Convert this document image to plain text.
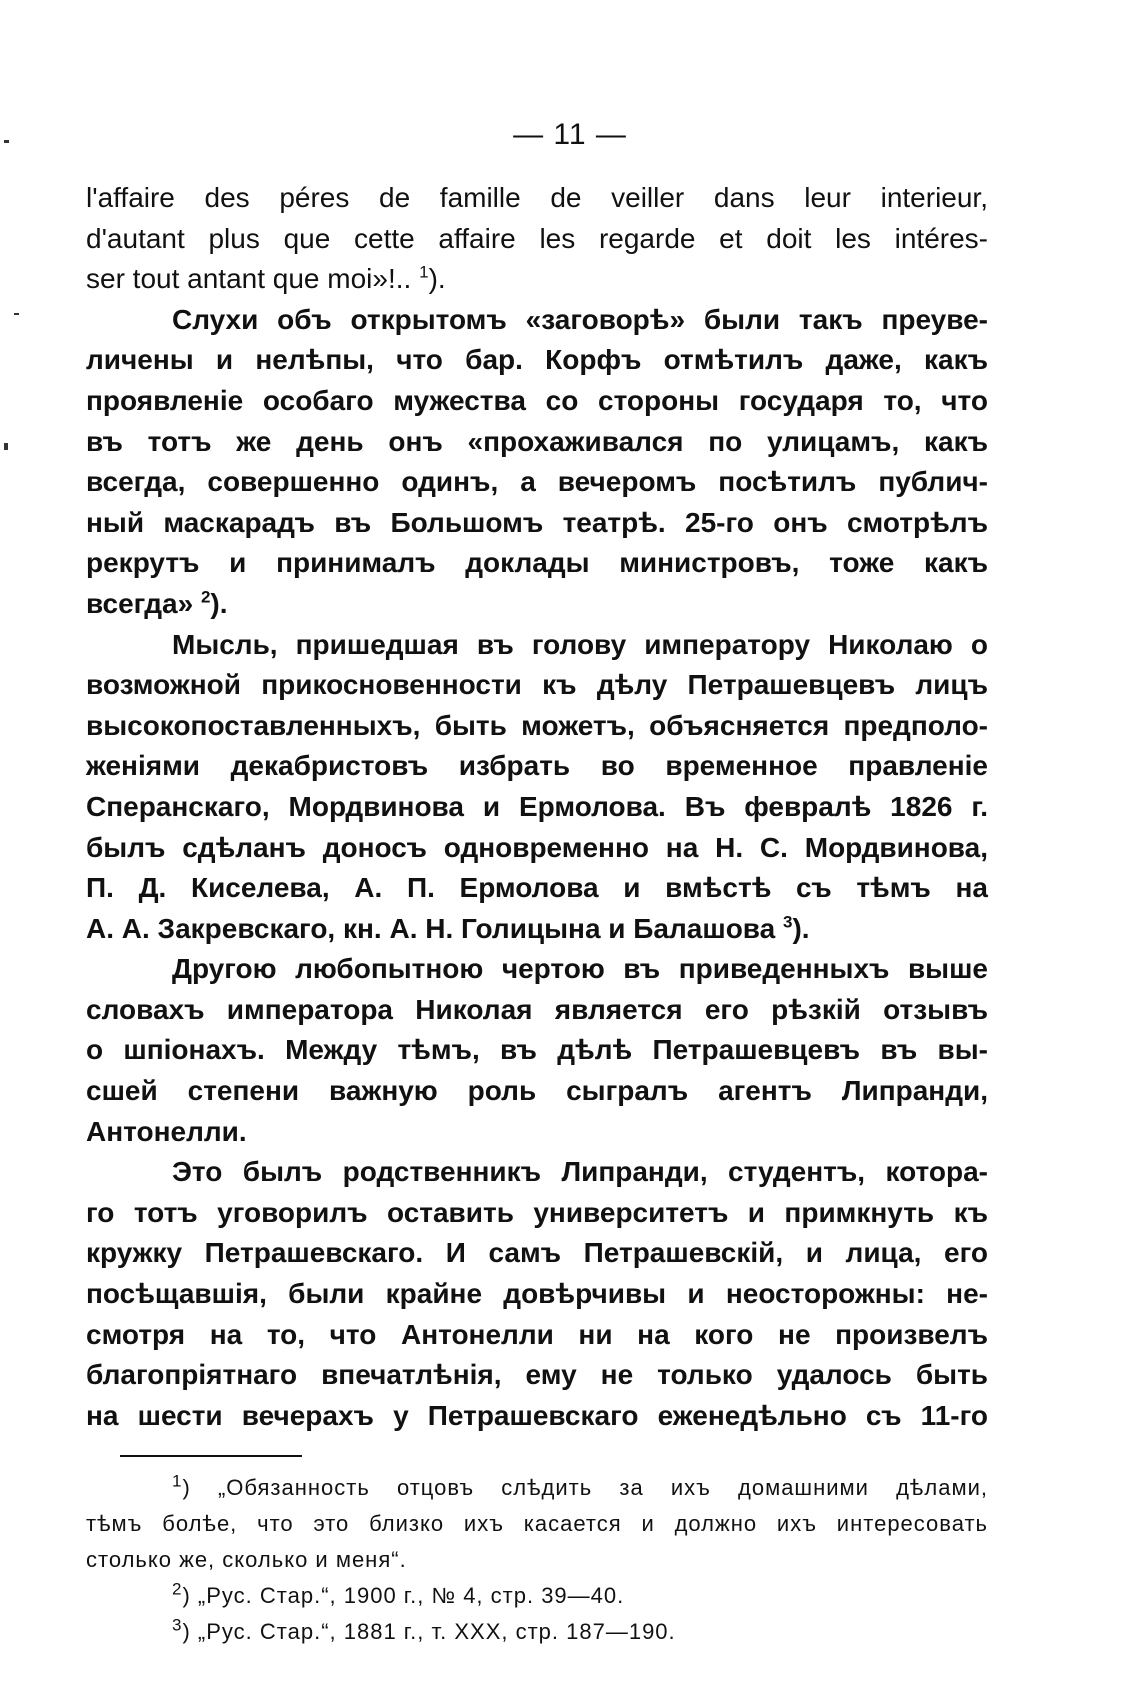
— 11 —

l'affaire des péres de famille de veiller dans leur interieur,
d'autant plus que cette affaire les regarde et doit les intéres-
ser tout antant que moi»!.. $^1$).

Слухи объ открытомъ «заговорѣ» были такъ преуве-
личены и нелѣпы, что бар. Корфъ отмѣтилъ даже, какъ
проявленіе особаго мужества со стороны государя то, что
въ тотъ же день онъ «прохаживался по улицамъ, какъ
всегда, совершенно одинъ, а вечеромъ посѣтилъ публич-
ный маскарадъ въ Большомъ театрѣ. 25-го онъ смотрѣлъ
рекрутъ и принималъ доклады министровъ, тоже какъ
всегда» $^2$).

Мысль, пришедшая въ голову императору Николаю о
возможной прикосновенности къ дѣлу Петрашевцевъ лицъ
высокопоставленныхъ, быть можетъ, объясняется предполо-
женіями декабристовъ избрать во временное правленіе
Сперанскаго, Мордвинова и Ермолова. Въ февралѣ 1826 г.
былъ сдѣланъ доносъ одновременно на Н. С. Мордвинова,
П. Д. Киселева, А. П. Ермолова и вмѣстѣ съ тѣмъ на
А. А. Закревскаго, кн. А. Н. Голицына и Балашова $^3$).

Другою любопытною чертою въ приведенныхъ выше
словахъ императора Николая является его рѣзкій отзывъ
о шпіонахъ. Между тѣмъ, въ дѣлѣ Петрашевцевъ въ вы-
сшей степени важную роль сыгралъ агентъ Липранди,
Антонелли.

Это былъ родственникъ Липранди, студентъ, котора-
го тотъ уговорилъ оставить университетъ и примкнуть къ
кружку Петрашевскаго. И самъ Петрашевскій, и лица, его
посѣщавшія, были крайне довѣрчивы и неосторожны: не-
смотря на то, что Антонелли ни на кого не произвелъ
благопріятнаго впечатлѣнія, ему не только удалось быть
на шести вечерахъ у Петрашевскаго еженедѣльно съ 11-го

$^1$) „Обязанность отцовъ слѣдить за ихъ домашними дѣлами,
тѣмъ болѣе, что это близко ихъ касается и должно ихъ интересовать
столько же, сколько и меня“.

$^2$) „Рус. Стар.“, 1900 г., № 4, стр. 39—40.

$^3$) „Рус. Стар.“, 1881 г., т. XXX, стр. 187—190.
